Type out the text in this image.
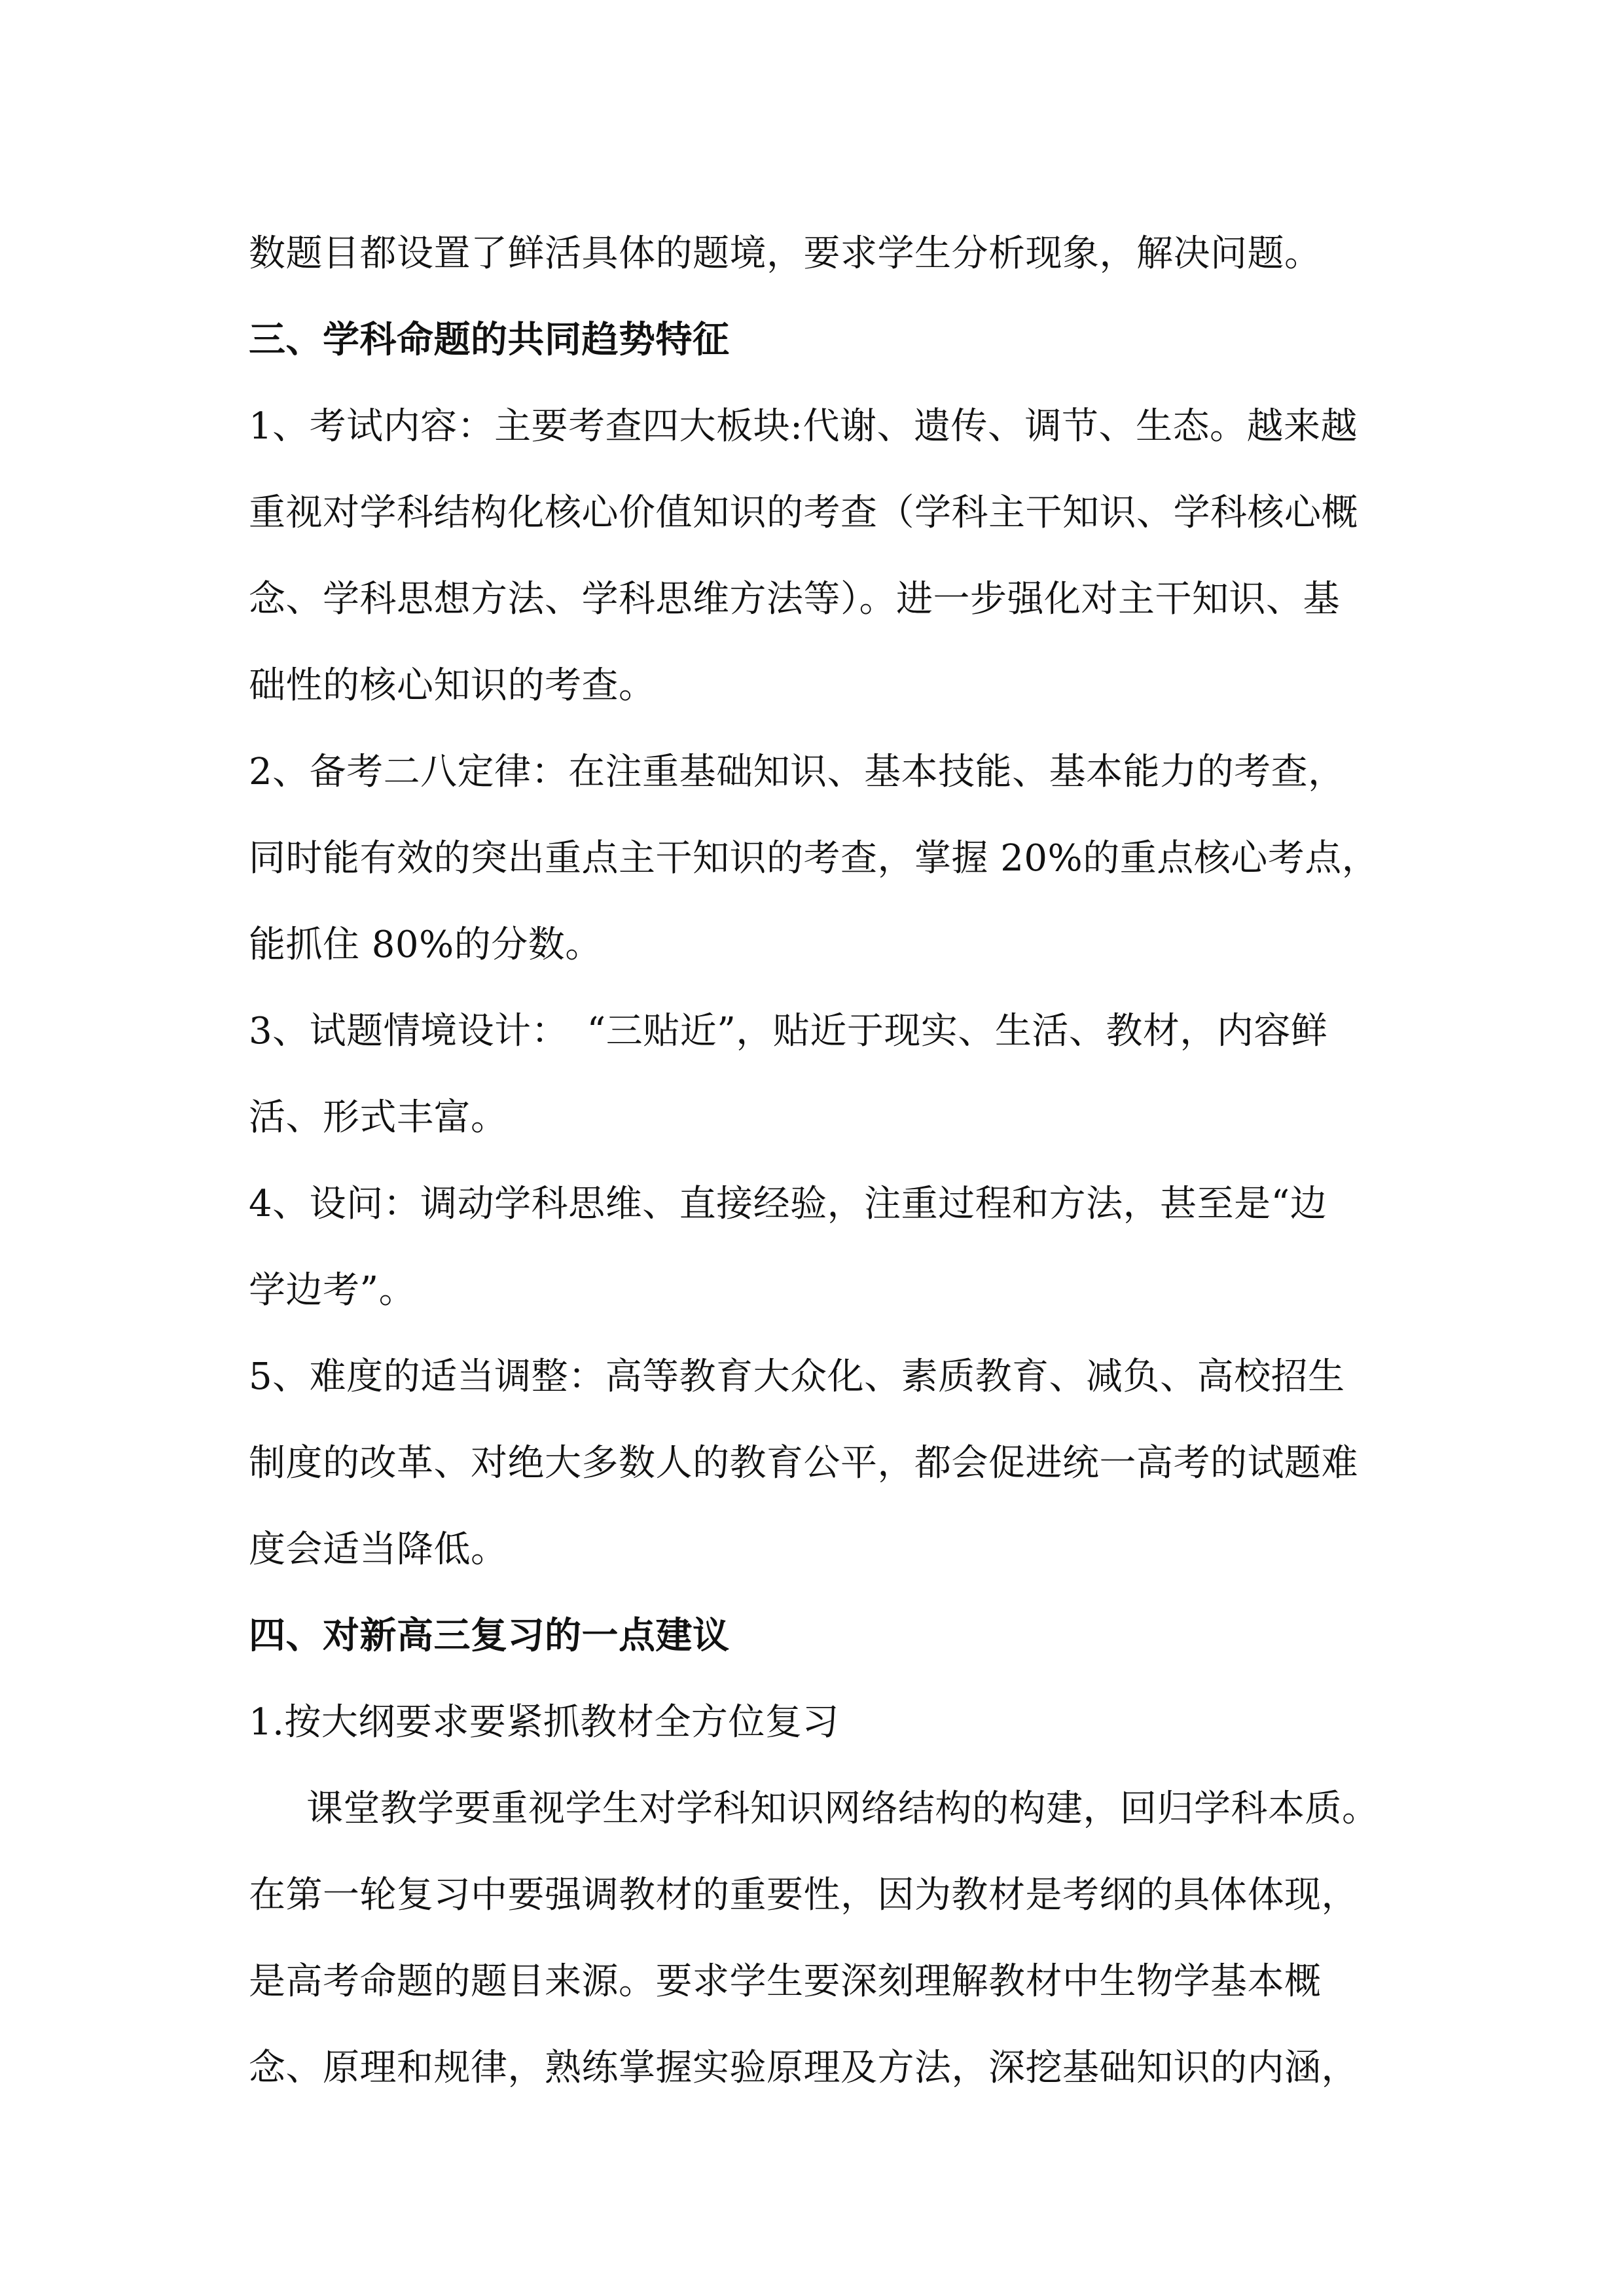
数题目都设置了鲜活具体的题境，要求学生分析现象，解决问题。
三、学科命题的共同趋势特征
1、考试内容：主要考查四大板块:代谢、遗传、调节、生态。越来越
重视对学科结构化核心价值知识的考查（学科主干知识、学科核心概
念、学科思想方法、学科思维方法等）。进一步强化对主干知识、基
础性的核心知识的考查。
2、备考二八定律：在注重基础知识、基本技能、基本能力的考查，
同时能有效的突出重点主干知识的考查，掌握 20%的重点核心考点，
能抓住 80%的分数。
3、试题情境设计：　“三贴近”，贴近于现实、生活、教材，内容鲜
活、形式丰富。
4、设问：调动学科思维、直接经验，注重过程和方法，甚至是“边
学边考”。
5、难度的适当调整：高等教育大众化、素质教育、减负、高校招生
制度的改革、对绝大多数人的教育公平，都会促进统一高考的试题难
度会适当降低。
四、对新高三复习的一点建议
1.按大纲要求要紧抓教材全方位复习
课堂教学要重视学生对学科知识网络结构的构建，回归学科本质。
在第一轮复习中要强调教材的重要性，因为教材是考纲的具体体现，
是高考命题的题目来源。要求学生要深刻理解教材中生物学基本概
念、原理和规律，熟练掌握实验原理及方法，深挖基础知识的内涵，
